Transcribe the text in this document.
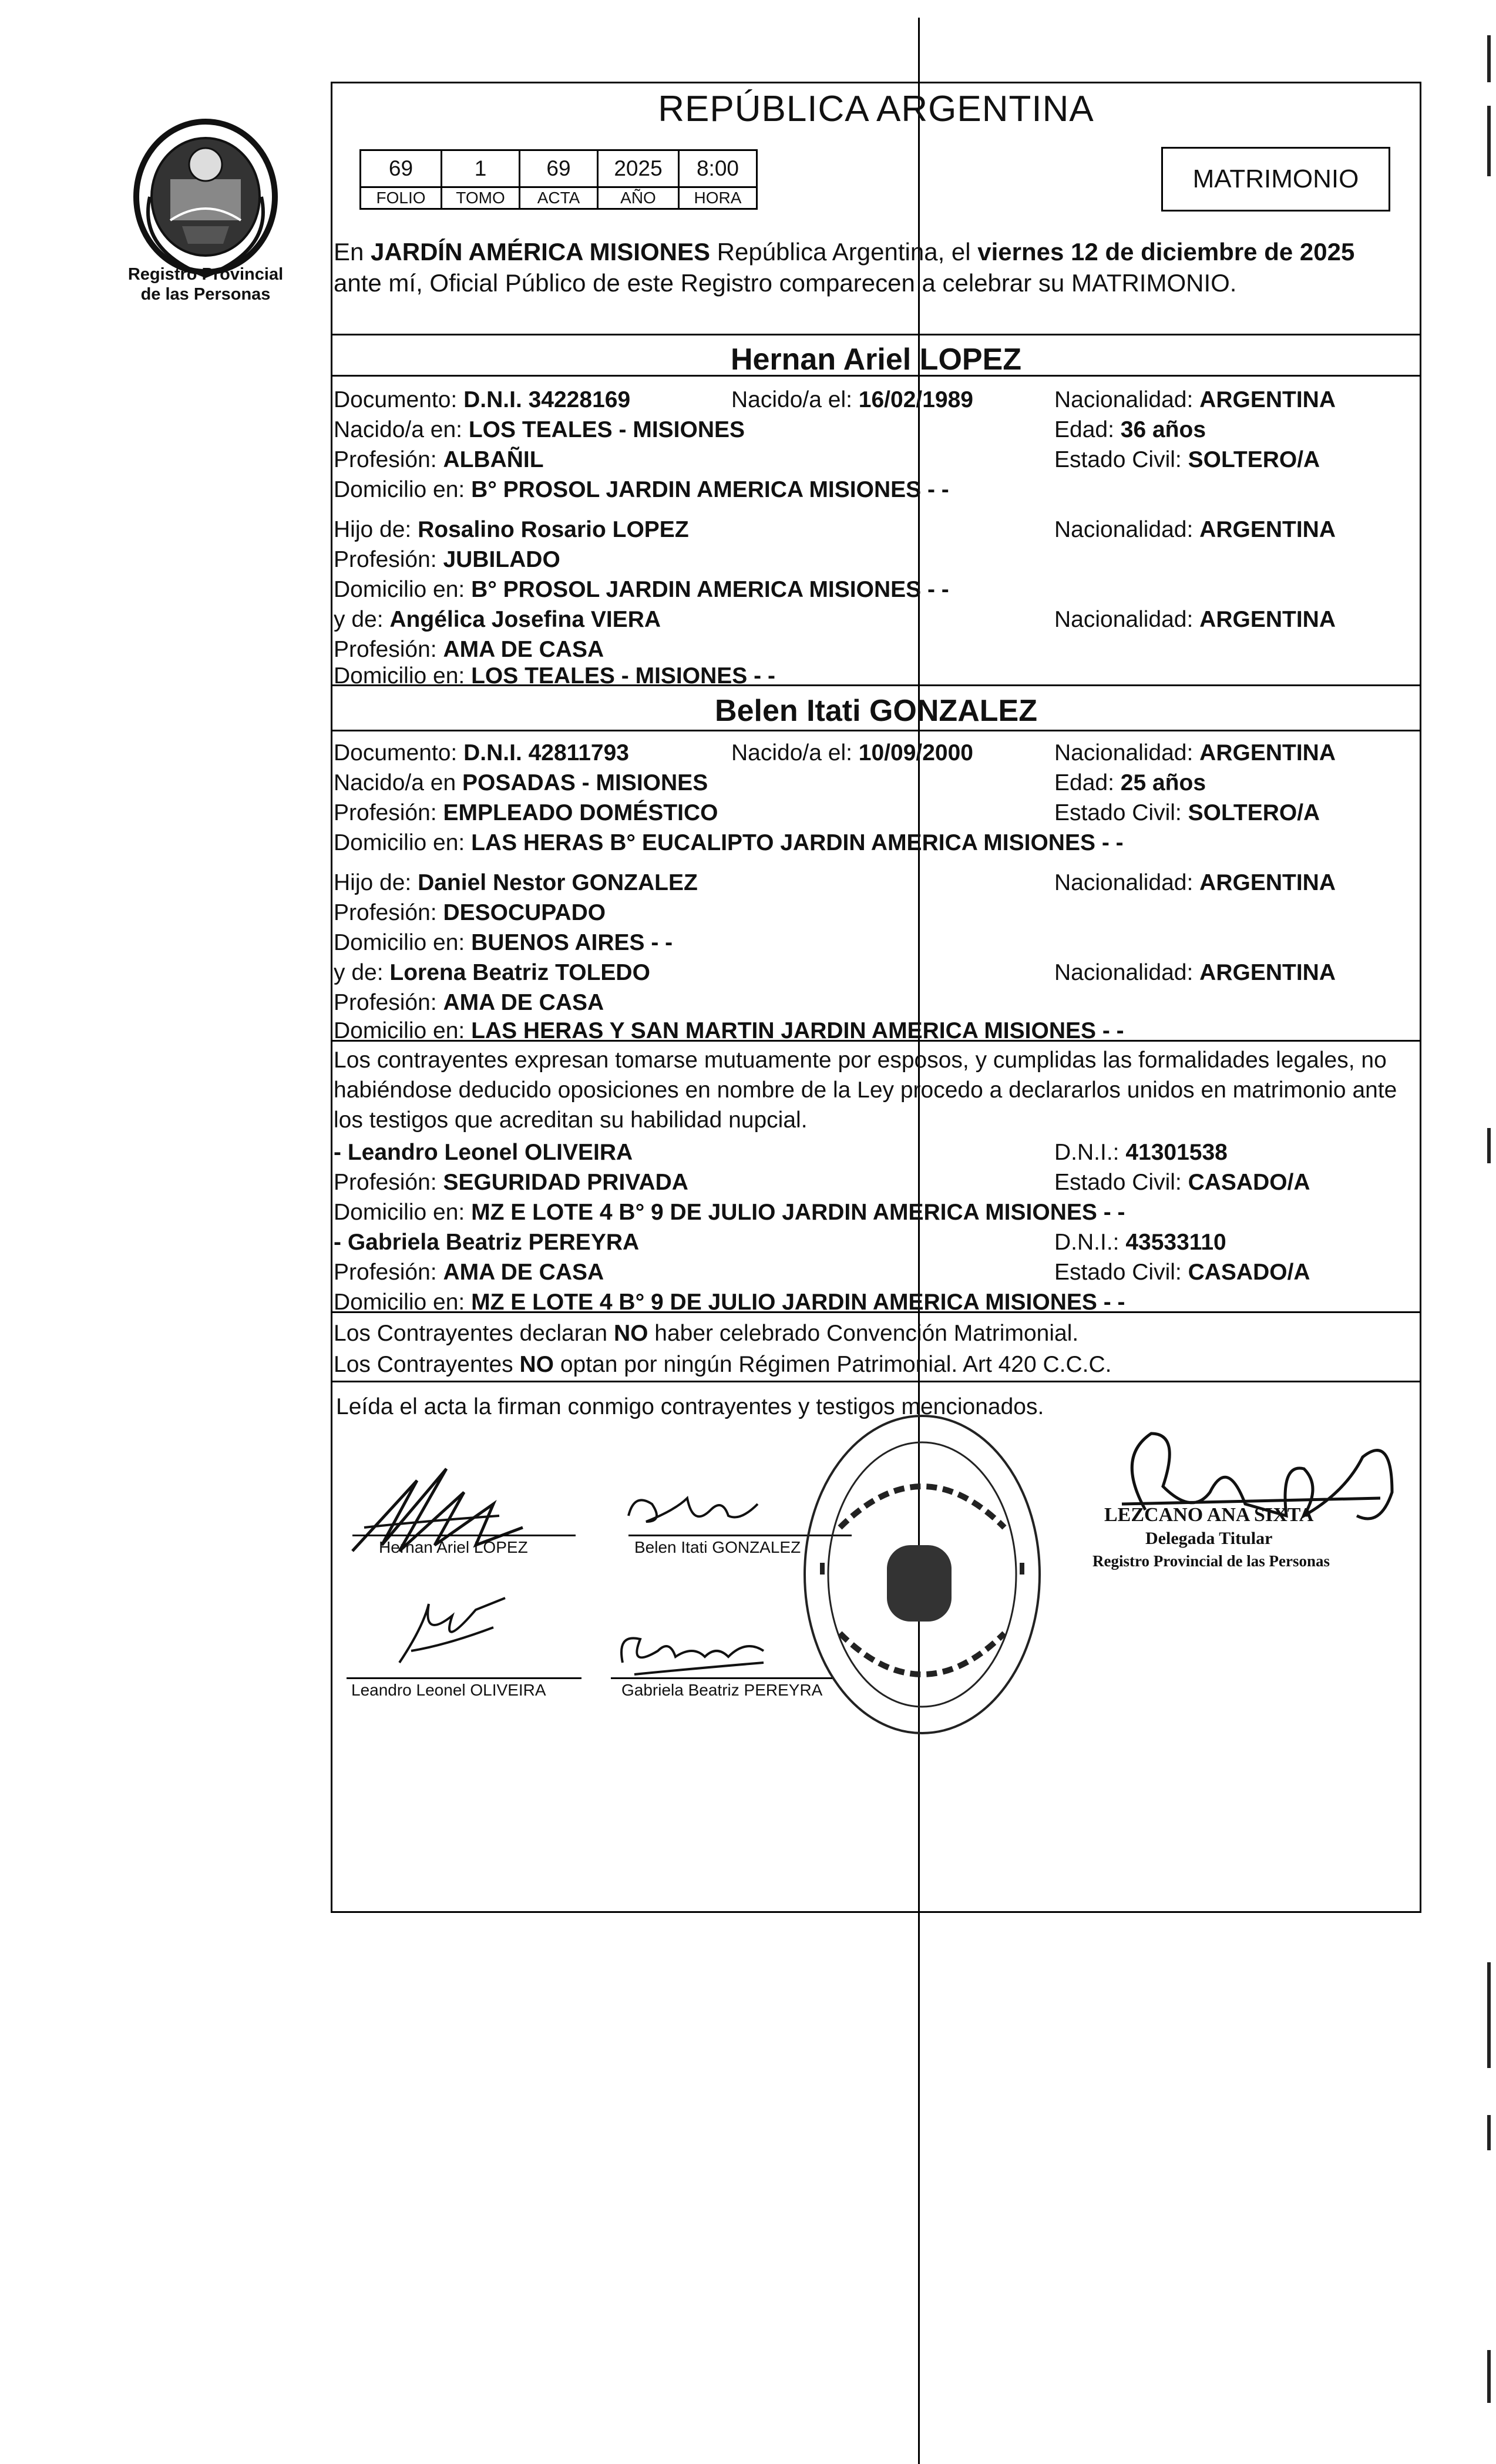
Registro Provincial
de las Personas
REPÚBLICA ARGENTINA
69	1	69	2025	8:00
FOLIO	TOMO	ACTA	AÑO	HORA
MATRIMONIO
En JARDÍN AMÉRICA MISIONES República Argentina, el viernes 12 de diciembre de 2025
ante mí, Oficial Público de este Registro comparecen a celebrar su MATRIMONIO.
Hernan Ariel LOPEZ
Documento: D.N.I. 34228169	Nacido/a el: 16/02/1989	Nacionalidad: ARGENTINA
Nacido/a en: LOS TEALES - MISIONES	Edad: 36 años
Profesión: ALBAÑIL	Estado Civil: SOLTERO/A
Domicilio en: B° PROSOL JARDIN AMERICA MISIONES - -
Hijo de: Rosalino Rosario LOPEZ	Nacionalidad: ARGENTINA
Profesión: JUBILADO
Domicilio en: B° PROSOL JARDIN AMERICA MISIONES - -
y de: Angélica Josefina VIERA	Nacionalidad: ARGENTINA
Profesión: AMA DE CASA
Domicilio en: LOS TEALES - MISIONES - -
Belen Itati GONZALEZ
Documento: D.N.I. 42811793	Nacido/a el: 10/09/2000	Nacionalidad: ARGENTINA
Nacido/a en POSADAS - MISIONES	Edad: 25 años
Profesión: EMPLEADO DOMÉSTICO	Estado Civil: SOLTERO/A
Domicilio en: LAS HERAS B° EUCALIPTO JARDIN AMERICA MISIONES - -
Hijo de: Daniel Nestor GONZALEZ	Nacionalidad: ARGENTINA
Profesión: DESOCUPADO
Domicilio en: BUENOS AIRES - -
y de: Lorena Beatriz TOLEDO	Nacionalidad: ARGENTINA
Profesión: AMA DE CASA
Domicilio en: LAS HERAS Y SAN MARTIN JARDIN AMERICA MISIONES - -
Los contrayentes expresan tomarse mutuamente por esposos, y cumplidas las formalidades legales, no
habiéndose deducido oposiciones en nombre de la Ley procedo a declararlos unidos en matrimonio ante
los testigos que acreditan su habilidad nupcial.
- Leandro Leonel OLIVEIRA	D.N.I.: 41301538
Profesión: SEGURIDAD PRIVADA	Estado Civil: CASADO/A
Domicilio en: MZ E LOTE 4 B° 9 DE JULIO JARDIN AMERICA MISIONES - -
- Gabriela Beatriz PEREYRA	D.N.I.: 43533110
Profesión: AMA DE CASA	Estado Civil: CASADO/A
Domicilio en: MZ E LOTE 4 B° 9 DE JULIO JARDIN AMERICA MISIONES - -
Los Contrayentes declaran NO haber celebrado Convención Matrimonial.
Los Contrayentes NO optan por ningún Régimen Patrimonial. Art 420 C.C.C.
Leída el acta la firman conmigo contrayentes y testigos mencionados.
Hernan Ariel LOPEZ	Belen Itati GONZALEZ
Leandro Leonel OLIVEIRA	Gabriela Beatriz PEREYRA
LEZCANO ANA SIXTA
Delegada Titular
Registro Provincial de las Personas
